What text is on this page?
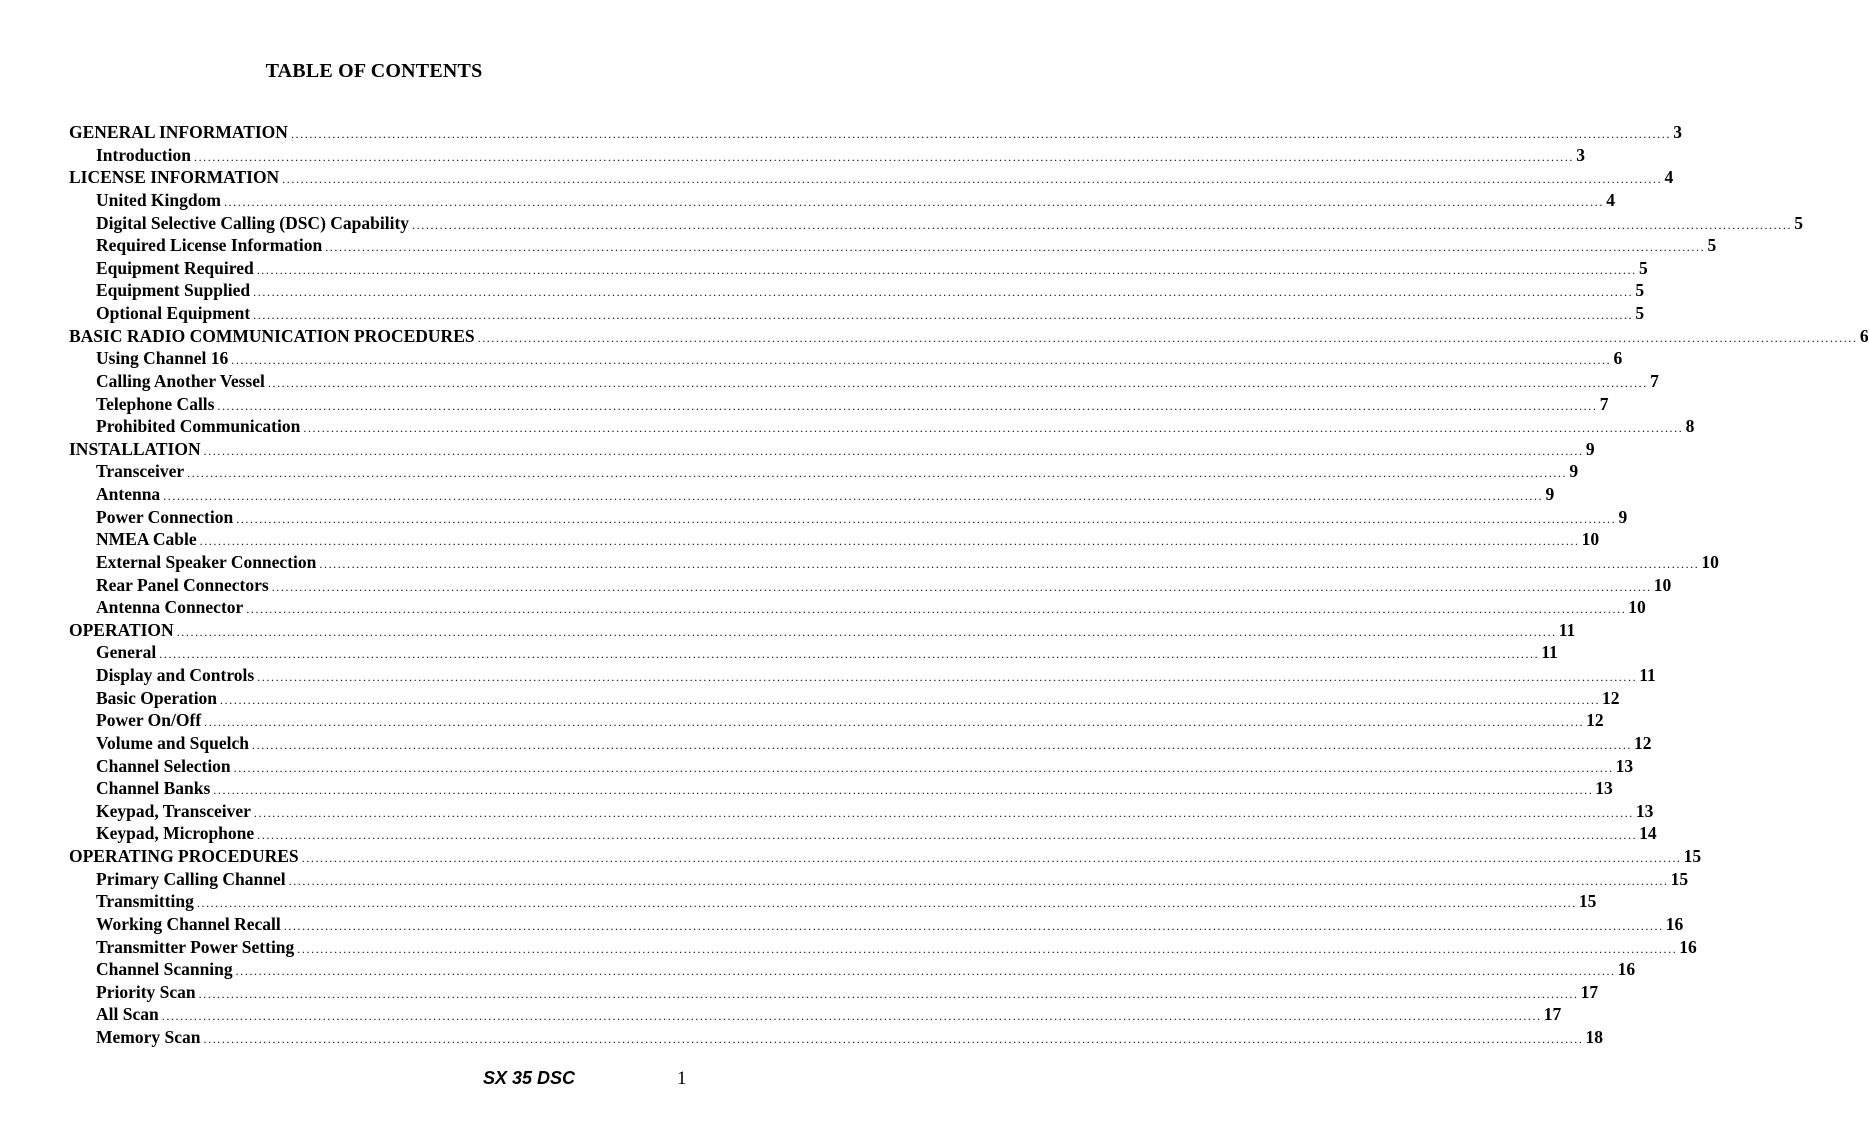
TABLE OF CONTENTS
GENERAL INFORMATION ............................................................................................................................................................................................................................................................................................................ 3
Introduction ............................................................................................................................................................................................................................................................................................................ 3
LICENSE INFORMATION ............................................................................................................................................................................................................................................................................................................ 4
United Kingdom ............................................................................................................................................................................................................................................................................................................ 4
Digital Selective Calling (DSC) Capability ............................................................................................................................................................................................................................................................................................................ 5
Required License Information ............................................................................................................................................................................................................................................................................................................ 5
Equipment Required ............................................................................................................................................................................................................................................................................................................ 5
Equipment Supplied ............................................................................................................................................................................................................................................................................................................ 5
Optional Equipment ............................................................................................................................................................................................................................................................................................................ 5
BASIC RADIO COMMUNICATION PROCEDURES ............................................................................................................................................................................................................................................................................................................ 6
Using Channel 16 ............................................................................................................................................................................................................................................................................................................ 6
Calling Another Vessel ............................................................................................................................................................................................................................................................................................................ 7
Telephone Calls ............................................................................................................................................................................................................................................................................................................ 7
Prohibited Communication ............................................................................................................................................................................................................................................................................................................ 8
INSTALLATION ............................................................................................................................................................................................................................................................................................................ 9
Transceiver ............................................................................................................................................................................................................................................................................................................ 9
Antenna ............................................................................................................................................................................................................................................................................................................ 9
Power Connection ............................................................................................................................................................................................................................................................................................................ 9
NMEA Cable ............................................................................................................................................................................................................................................................................................................ 10
External Speaker Connection ............................................................................................................................................................................................................................................................................................................ 10
Rear Panel Connectors ............................................................................................................................................................................................................................................................................................................ 10
Antenna Connector ............................................................................................................................................................................................................................................................................................................ 10
OPERATION ............................................................................................................................................................................................................................................................................................................ 11
General ............................................................................................................................................................................................................................................................................................................ 11
Display and Controls ............................................................................................................................................................................................................................................................................................................ 11
Basic Operation ............................................................................................................................................................................................................................................................................................................ 12
Power On/Off ............................................................................................................................................................................................................................................................................................................ 12
Volume and Squelch ............................................................................................................................................................................................................................................................................................................ 12
Channel Selection ............................................................................................................................................................................................................................................................................................................ 13
Channel Banks ............................................................................................................................................................................................................................................................................................................ 13
Keypad, Transceiver ............................................................................................................................................................................................................................................................................................................ 13
Keypad, Microphone ............................................................................................................................................................................................................................................................................................................ 14
OPERATING PROCEDURES ............................................................................................................................................................................................................................................................................................................ 15
Primary Calling Channel ............................................................................................................................................................................................................................................................................................................ 15
Transmitting ............................................................................................................................................................................................................................................................................................................ 15
Working Channel Recall ............................................................................................................................................................................................................................................................................................................ 16
Transmitter Power Setting ............................................................................................................................................................................................................................................................................................................ 16
Channel Scanning ............................................................................................................................................................................................................................................................................................................ 16
Priority Scan ............................................................................................................................................................................................................................................................................................................ 17
All Scan ............................................................................................................................................................................................................................................................................................................ 17
Memory Scan ............................................................................................................................................................................................................................................................................................................ 18
SX 35 DSC	1
